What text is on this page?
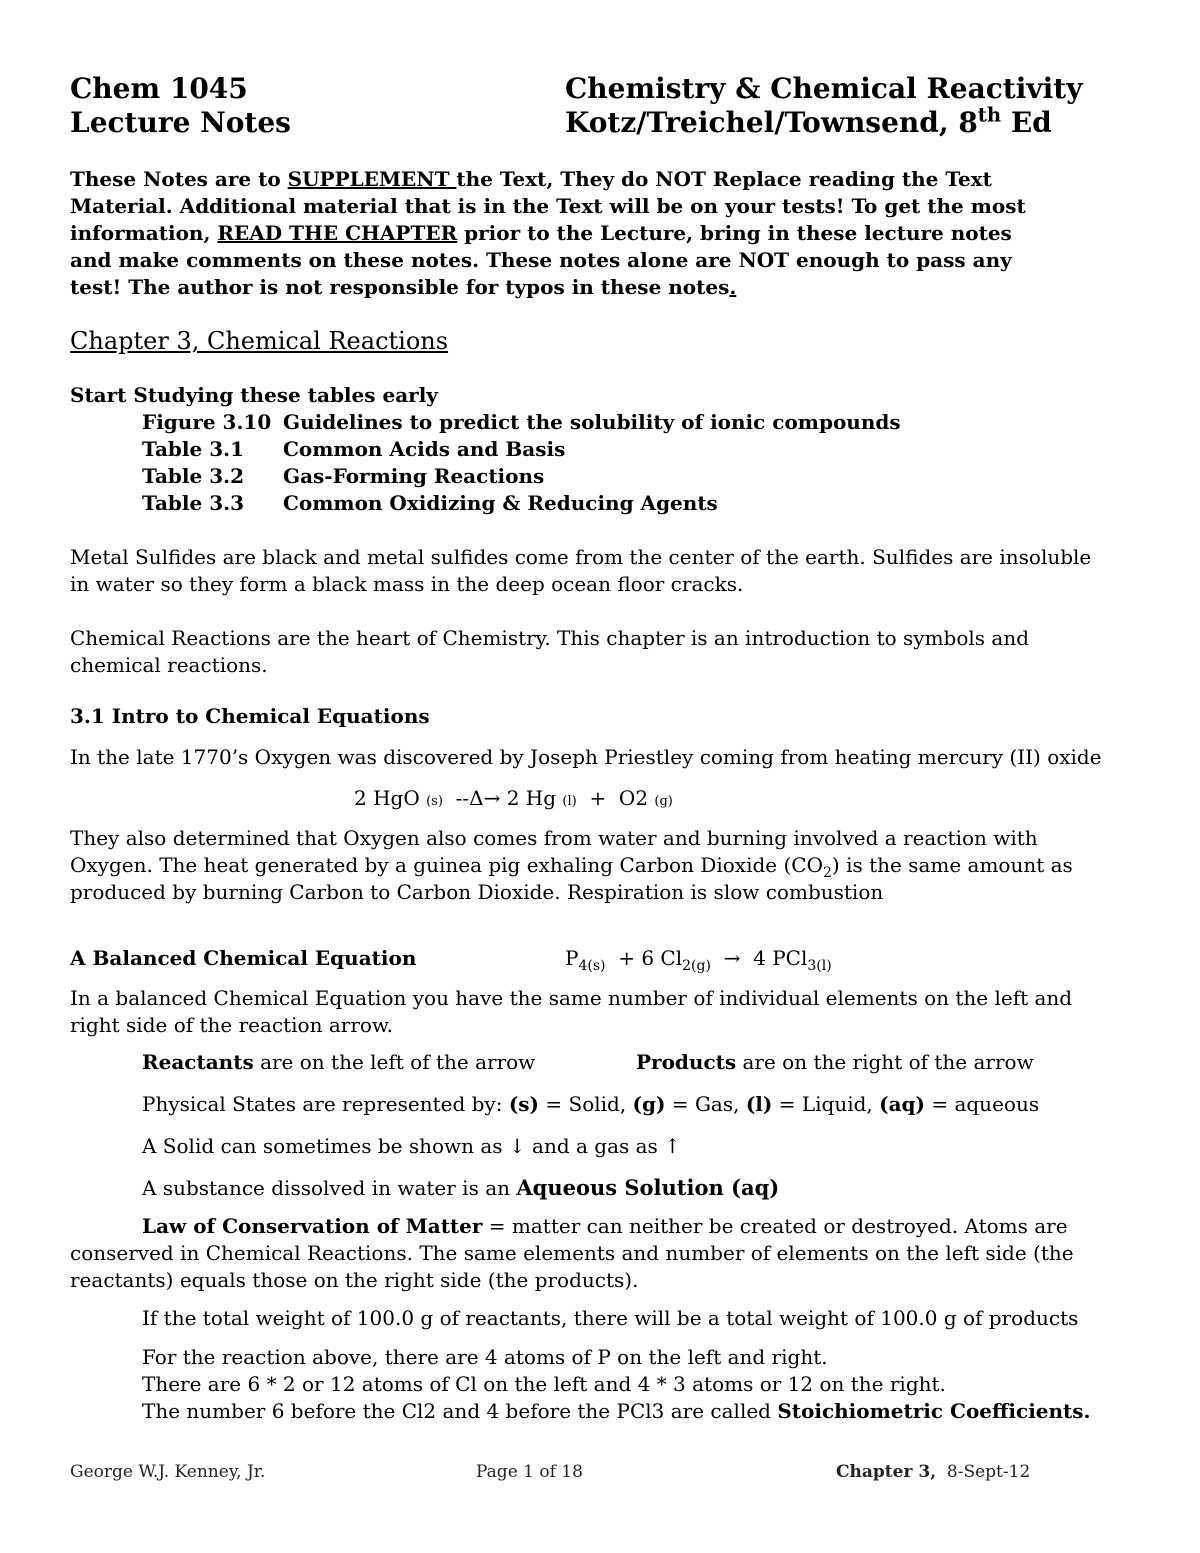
Chem 1045
Lecture Notes
Chemistry & Chemical Reactivity
Kotz/Treichel/Townsend, 8th Ed
These Notes are to SUPPLEMENT the Text, They do NOT Replace reading the Text
Material. Additional material that is in the Text will be on your tests! To get the most
information, READ THE CHAPTER prior to the Lecture, bring in these lecture notes
and make comments on these notes. These notes alone are NOT enough to pass any
test! The author is not responsible for typos in these notes.
Chapter 3, Chemical Reactions
Start Studying these tables early
Figure 3.10 Guidelines to predict the solubility of ionic compounds
Table 3.1 Common Acids and Basis
Table 3.2 Gas-Forming Reactions
Table 3.3 Common Oxidizing & Reducing Agents
Metal Sulfides are black and metal sulfides come from the center of the earth. Sulfides are insoluble
in water so they form a black mass in the deep ocean floor cracks.
Chemical Reactions are the heart of Chemistry. This chapter is an introduction to symbols and
chemical reactions.
3.1 Intro to Chemical Equations
In the late 1770’s Oxygen was discovered by Joseph Priestley coming from heating mercury (II) oxide
2 HgO (s) --Δ→ 2 Hg (l) + O2 (g)
They also determined that Oxygen also comes from water and burning involved a reaction with
Oxygen. The heat generated by a guinea pig exhaling Carbon Dioxide $(CO_2)$ is the same amount as
produced by burning Carbon to Carbon Dioxide. Respiration is slow combustion
A Balanced Chemical Equation	$P_{4(s)} + 6$ $Cl_{2(g)} \to 4$ PCl$_{3(l)}$
In a balanced Chemical Equation you have the same number of individual elements on the left and
right side of the reaction arrow.
Reactants are on the left of the arrow	Products are on the right of the arrow
Physical States are represented by: (s) = Solid, (g) = Gas, (l) = Liquid, (aq) = aqueous
A Solid can sometimes be shown as ↓ and a gas as ↑
A substance dissolved in water is an Aqueous Solution (aq)
Law of Conservation of Matter = matter can neither be created or destroyed. Atoms are
conserved in Chemical Reactions. The same elements and number of elements on the left side (the
reactants) equals those on the right side (the products).
If the total weight of 100.0 g of reactants, there will be a total weight of 100.0 g of products
For the reaction above, there are 4 atoms of P on the left and right.
There are 6 * 2 or 12 atoms of Cl on the left and 4 * 3 atoms or 12 on the right.
The number 6 before the Cl2 and 4 before the PCl3 are called Stoichiometric Coefficients.
George W.J. Kenney, Jr.	Page 1 of 18	Chapter 3, 8-Sept-12
